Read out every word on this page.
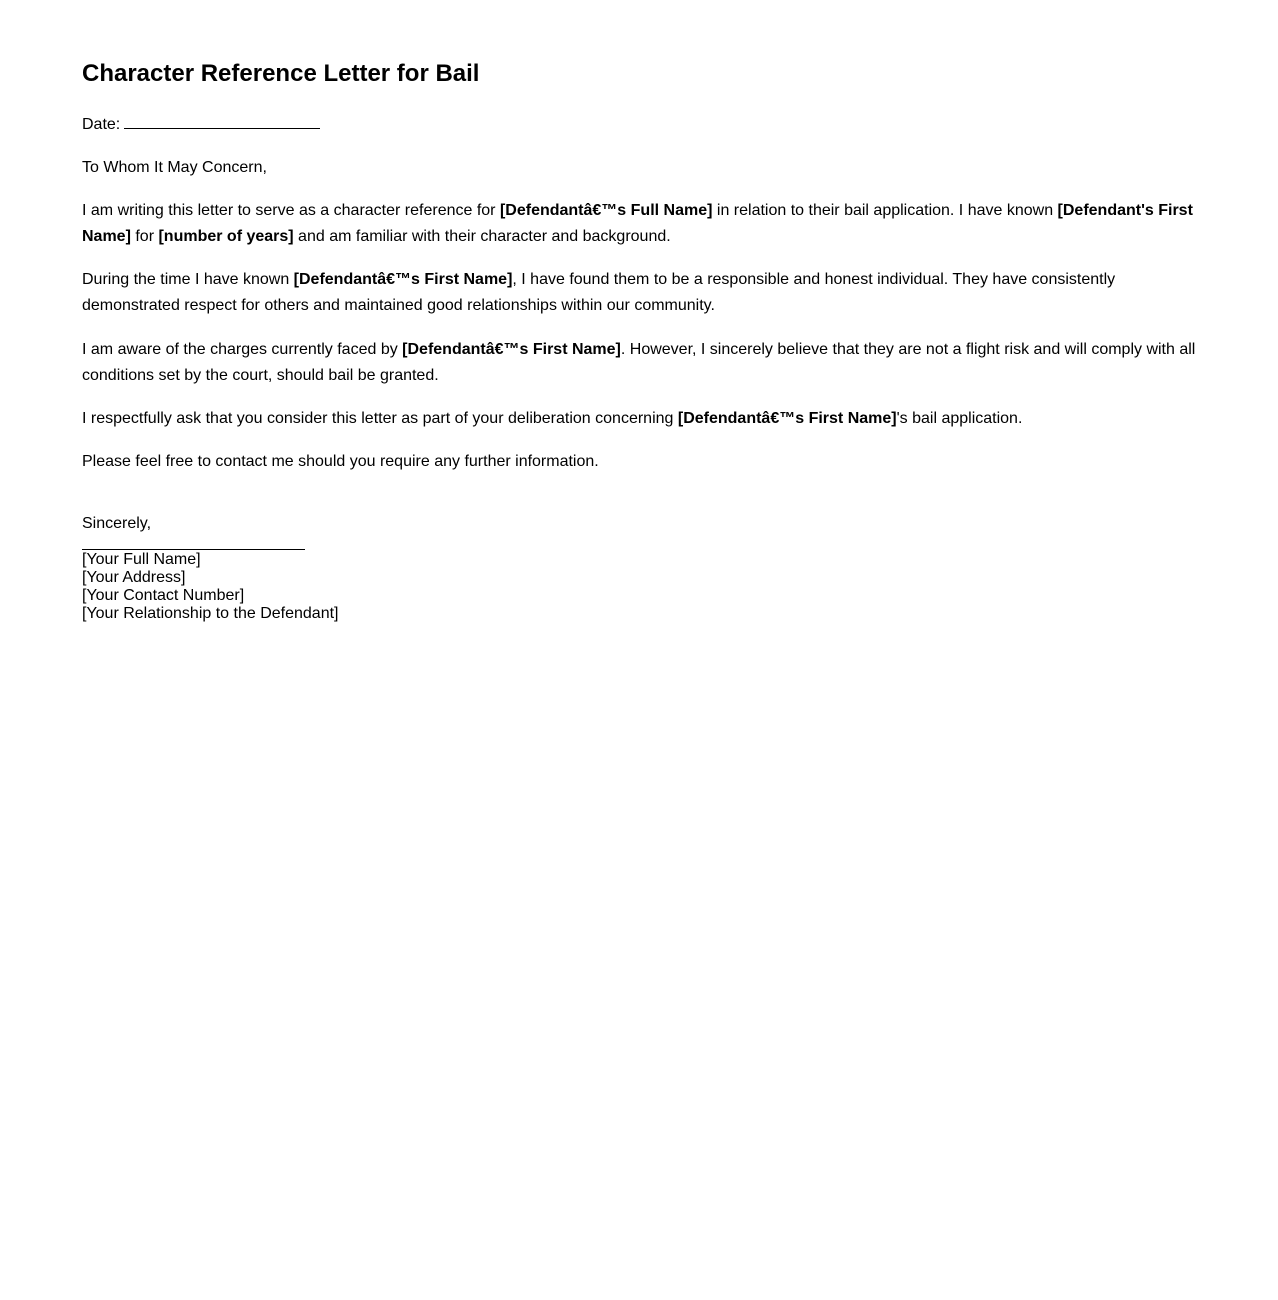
Character Reference Letter for Bail

Date:

To Whom It May Concern,

I am writing this letter to serve as a character reference for [Defendantâ€™s Full Name] in relation to their bail application. I have known [Defendant's First Name] for [number of years] and am familiar with their character and background.

During the time I have known [Defendantâ€™s First Name], I have found them to be a responsible and honest individual. They have consistently demonstrated respect for others and maintained good relationships within our community.

I am aware of the charges currently faced by [Defendantâ€™s First Name]. However, I sincerely believe that they are not a flight risk and will comply with all conditions set by the court, should bail be granted.

I respectfully ask that you consider this letter as part of your deliberation concerning [Defendantâ€™s First Name]'s bail application.

Please feel free to contact me should you require any further information.

Sincerely,

[Your Full Name]
[Your Address]
[Your Contact Number]
[Your Relationship to the Defendant]
